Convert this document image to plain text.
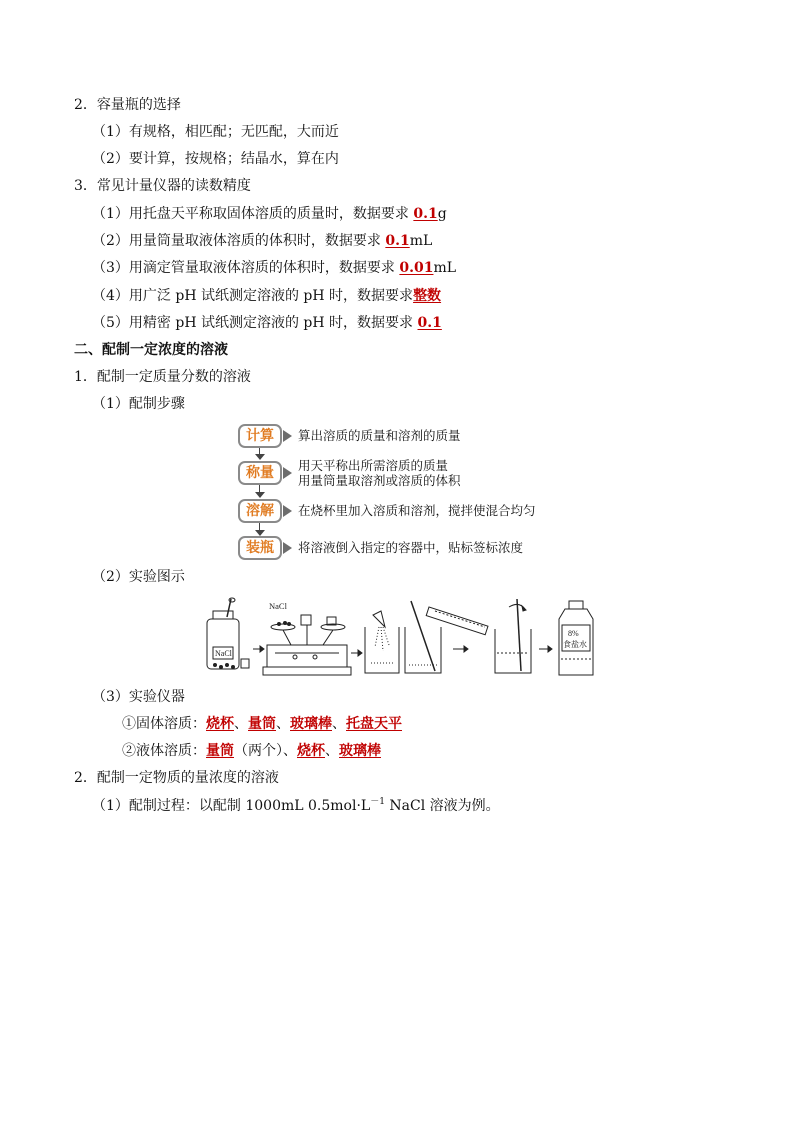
2．容量瓶的选择
（1）有规格，相匹配；无匹配，大而近
（2）要计算，按规格；结晶水，算在内
3．常见计量仪器的读数精度
（1）用托盘天平称取固体溶质的质量时，数据要求 0.1g
（2）用量筒量取液体溶质的体积时，数据要求 0.1mL
（3）用滴定管量取液体溶质的体积时，数据要求 0.01mL
（4）用广泛 pH 试纸测定溶液的 pH 时，数据要求整数
（5）用精密 pH 试纸测定溶液的 pH 时，数据要求 0.1
二、配制一定浓度的溶液
1．配制一定质量分数的溶液
（1）配制步骤
计算	算出溶质的质量和溶剂的质量
称量	用天平称出所需溶质的质量
用量筒量取溶剂或溶质的体积
溶解	在烧杯里加入溶质和溶剂，搅拌使混合均匀
装瓶	将溶液倒入指定的容器中，贴标签标浓度
（2）实验图示
NaCl
NaCl
8%
食盐水
（3）实验仪器
①固体溶质：烧杯、量筒、玻璃棒、托盘天平
②液体溶质：量筒（两个）、烧杯、玻璃棒
2．配制一定物质的量浓度的溶液
（1）配制过程：以配制 1000mL $0.5mol\cdot L^{-1}$ NaCl 溶液为例。
